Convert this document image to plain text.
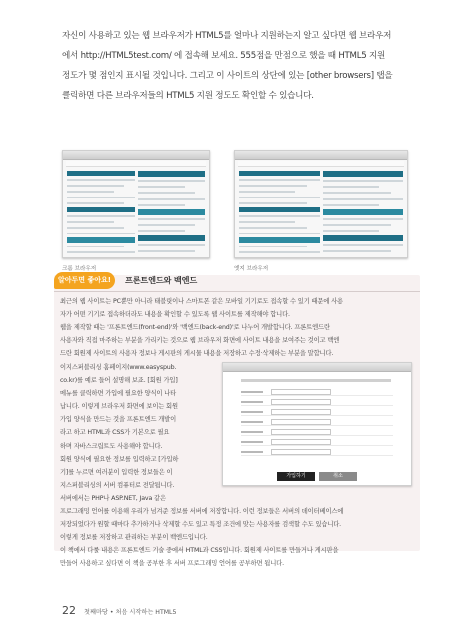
자신이 사용하고 있는 웹 브라우저가 HTML5를 얼마나 지원하는지 알고 싶다면 웹 브라우저

에서 http://HTML5test.com/ 에 접속해 보세요. 555점을 만점으로 했을 때 HTML5 지원

정도가 몇 점인지 표시될 것입니다. 그리고 이 사이트의 상단에 있는 [other browsers] 탭을

클릭하면 다른 브라우저들의 HTML5 지원 정도도 확인할 수 있습니다.

크롬 브라우저	엣지 브라우저
알아두면 좋아요!	프론트엔드와 백엔드

최근의 웹 사이트는 PC뿐만 아니라 태블릿이나 스마트폰 같은 모바일 기기로도 접속할 수 있기 때문에 사용

자가 어떤 기기로 접속하더라도 내용을 확인할 수 있도록 웹 사이트를 제작해야 합니다.

웹을 제작할 때는 '프론트엔드(front-end)'와 '백엔드(back-end)'로 나누어 개발합니다. 프론트엔드란

사용자와 직접 마주하는 부분을 가리키는 것으로 웹 브라우저 화면에 사이트 내용을 보여주는 것이고 백엔

드란 회원제 사이트의 사용자 정보나 게시판의 게시물 내용을 저장하고 수정·삭제하는 부분을 말합니다.

이지스퍼블리싱 홈페이지(www.easyspub.

co.kr)를 예로 들어 설명해 보죠. [회원 가입]

메뉴를 클릭하면 가입에 필요한 양식이 나타

납니다. 이렇게 브라우저 화면에 보이는 회원

가입 양식을 만드는 것을 프론트엔드 개발이

라고 하고 HTML과 CSS가 기본으로 필요

하며 자바스크립트도 사용해야 합니다.

회원 양식에 필요한 정보를 입력하고 [가입하

기]를 누르면 여러분이 입력한 정보들은 이

지스퍼블리싱의 서버 컴퓨터로 전달됩니다.

서버에서는 PHP나 ASP.NET, Java 같은

가입하기	취소

프로그래밍 언어를 이용해 우리가 넘겨준 정보를 서버에 저장합니다. 이런 정보들은 서버의 데이터베이스에

저장되었다가 원할 때마다 추가하거나 삭제할 수도 있고 특정 조건에 맞는 사용자를 검색할 수도 있습니다.

이렇게 정보를 저장하고 관리하는 부분이 백엔드입니다.

이 책에서 다룰 내용은 프론트엔드 기술 중에서 HTML과 CSS입니다. 회원제 사이트를 만들거나 게시판을

만들어 사용하고 싶다면 이 책을 공부한 후 서버 프로그래밍 언어를 공부하면 됩니다.

22 첫째마당 • 처음 시작하는 HTML5
